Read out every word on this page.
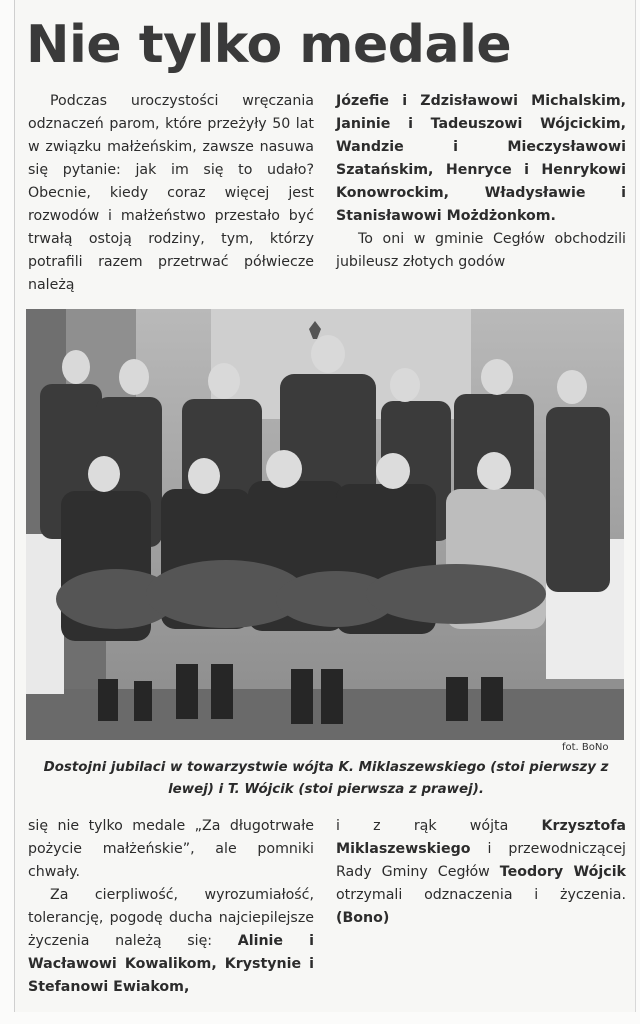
Nie tylko medale

Podczas uroczystości wręczania odznaczeń parom, które przeżyły 50 lat w związku małżeńskim, zawsze nasuwa się pytanie: jak im się to udało? Obecnie, kiedy coraz więcej jest rozwodów i małżeństwo przestało być trwałą ostoją rodziny, tym, którzy potrafili razem przetrwać półwiecze należą

Józefie i Zdzisławowi Michalskim, Janinie i Tadeuszowi Wójcickim, Wandzie i Mieczysławowi Szatańskim, Henryce i Henrykowi Konowrockim, Władysławie i Stanisławowi Możdżonkom.

To oni w gminie Cegłów obchodzili jubileusz złotych godów

fot. BoNo
Dostojni jubilaci w towarzystwie wójta K. Miklaszewskiego (stoi pierwszy z lewej) i T. Wójcik (stoi pierwsza z prawej).

się nie tylko medale „Za długotrwałe pożycie małżeńskie”, ale pomniki chwały.

Za cierpliwość, wyrozumiałość, tolerancję, pogodę ducha najciepilejsze życzenia należą się: Alinie i Wacławowi Kowalikom, Krystynie i Stefanowi Ewiakom,

i z rąk wójta Krzysztofa Miklaszewskiego i przewodniczącej Rady Gminy Cegłów Teodory Wójcik otrzymali odznaczenia i życzenia. (Bono)
